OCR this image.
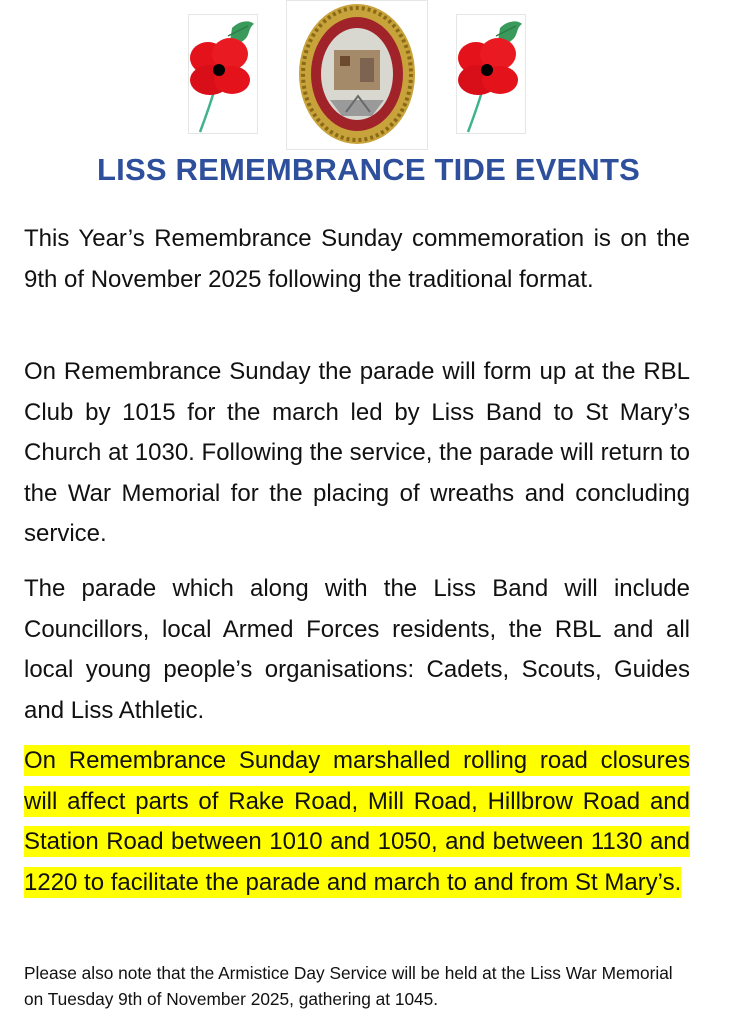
LISS REMEMBRANCE TIDE EVENTS
This Year’s Remembrance Sunday commemoration is on the 9th of November 2025 following the traditional format.
On Remembrance Sunday the parade will form up at the RBL Club by 1015 for the march led by Liss Band to St Mary’s Church at 1030. Following the service, the parade will return to the War Memorial for the placing of wreaths and concluding service.
The parade which along with the Liss Band will include Councillors, local Armed Forces residents, the RBL and all local young people’s organisations: Cadets, Scouts, Guides and Liss Athletic.
On Remembrance Sunday marshalled rolling road closures will affect parts of Rake Road, Mill Road, Hillbrow Road and Station Road between 1010 and 1050, and between 1130 and 1220 to facilitate the parade and march to and from St Mary’s.
Please also note that the Armistice Day Service will be held at the Liss War Memorial on Tuesday 9th of November 2025, gathering at 1045.
